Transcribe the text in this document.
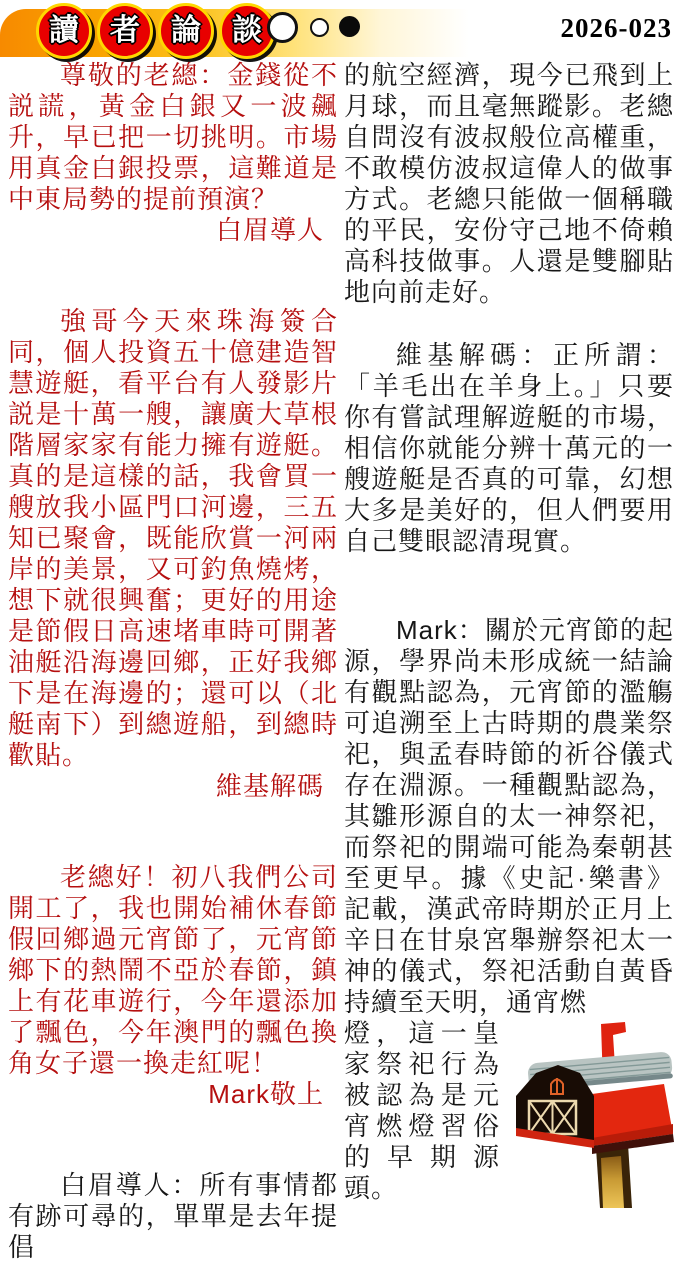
讀 者 論 談	2026-023

尊敬的老總：金錢從不説謊，黃金白銀又一波飆升，早已把一切挑明。市場用真金白銀投票，這難道是中東局勢的提前預演？

白眉導人

強哥今天來珠海簽合同，個人投資五十億建造智慧遊艇，看平台有人發影片説是十萬一艘，讓廣大草根階層家家有能力擁有遊艇。真的是這樣的話，我會買一艘放我小區門口河邊，三五知已聚會，既能欣賞一河兩岸的美景，又可釣魚燒烤，想下就很興奮；更好的用途是節假日高速堵車時可開著油艇沿海邊回鄉，正好我鄉下是在海邊的；還可以（北艇南下）到總遊船，到總時歡貼。

維基解碼

老總好！初八我們公司開工了，我也開始補休春節假回鄉過元宵節了，元宵節鄉下的熱鬧不亞於春節，鎮上有花車遊行，今年還添加了飄色，今年澳門的飄色換角女子還一換走紅呢！

Mark敬上

白眉導人：所有事情都有跡可尋的，單單是去年提倡

的航空經濟，現今已飛到上月球，而且毫無蹤影。老總自問沒有波叔般位高權重，不敢模仿波叔這偉人的做事方式。老總只能做一個稱職的平民，安份守己地不倚賴高科技做事。人還是雙腳貼地向前走好。

維基解碼：正所謂：「羊毛出在羊身上。」只要你有嘗試理解遊艇的市場，相信你就能分辨十萬元的一艘遊艇是否真的可靠，幻想大多是美好的，但人們要用自己雙眼認清現實。

Mark：關於元宵節的起源，學界尚未形成統一結論有觀點認為，元宵節的濫觴可追溯至上古時期的農業祭祀，與孟春時節的祈谷儀式存在淵源。一種觀點認為，其雛形源自的太一神祭祀，而祭祀的開端可能為秦朝甚至更早。據《史記·樂書》記載，漢武帝時期於正月上辛日在甘泉宮舉辦祭祀太一神的儀式，祭祀活動自黃昏持續至天明，通宵燃

燈，這一皇家祭祀行為被認為是元宵燃燈習俗的早期源頭。
